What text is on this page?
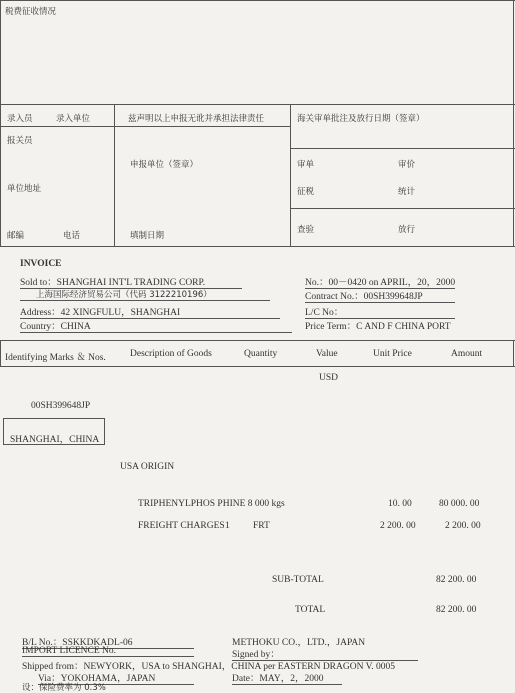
税费征收情况
录入员	录入单位	兹声明以上申报无讹并承担法律责任	海关审单批注及放行日期（签章）
报关员
申报单位（签章）	审单	审价
单位地址	征税	统计
查验	放行
邮编	电话	填制日期
INVOICE
Sold to：SHANGHAI INT'L TRADING CORP.
上海国际经济贸易公司（代码 3122210196）
Address：42 XINGFULU，SHANGHAI
Country：CHINA
No.：00－0420 on APRIL，20，2000
Contract No.：00SH399648JP
L/C No：
Price Term：C AND F CHINA PORT
Identifying Marks ＆ Nos.	Description of Goods	Quantity	Value	Unit Price	Amount
USD
00SH399648JP
SHANGHAI，CHINA
USA ORIGIN
TRIPHENYLPHOS PHINE 8 000 kgs	10. 00	80 000. 00
FREIGHT CHARGES 1 FRT	2 200. 00	2 200. 00
SUB-TOTAL	82 200. 00
TOTAL	82 200. 00
B/L No.：SSKKDKADL-06	METHOKU CO.，LTD.，JAPAN
IMPORT LICENCE No.	Signed by：
Shipped from：NEWYORK，USA to SHANGHAI，CHINA per EASTERN DRAGON V. 0005
Via：YOKOHAMA，JAPAN	Date：MAY，2，2000
设：保险费率为 0.3%
